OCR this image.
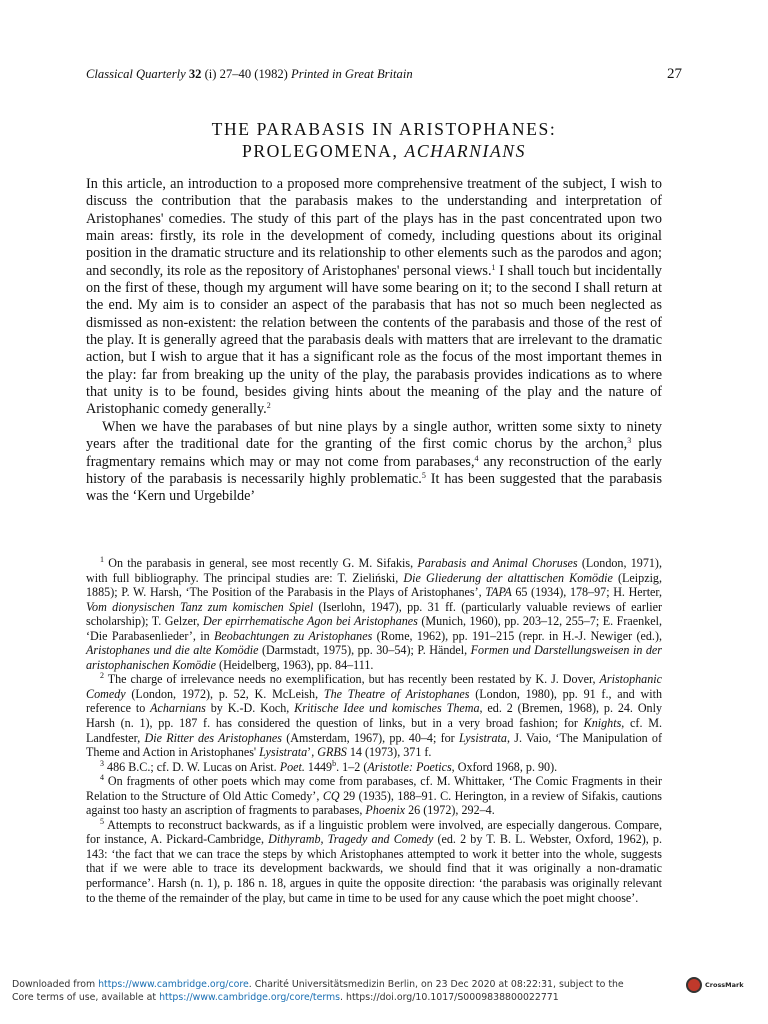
Classical Quarterly 32 (i) 27–40 (1982) Printed in Great Britain	27
THE PARABASIS IN ARISTOPHANES:
PROLEGOMENA, ACHARNIANS

In this article, an introduction to a proposed more comprehensive treatment of the subject, I wish to discuss the contribution that the parabasis makes to the understanding and interpretation of Aristophanes' comedies. The study of this part of the plays has in the past concentrated upon two main areas: firstly, its role in the development of comedy, including questions about its original position in the dramatic structure and its relationship to other elements such as the parodos and agon; and secondly, its role as the repository of Aristophanes' personal views.$^1$ I shall touch but incidentally on the first of these, though my argument will have some bearing on it; to the second I shall return at the end. My aim is to consider an aspect of the parabasis that has not so much been neglected as dismissed as non-existent: the relation between the contents of the parabasis and those of the rest of the play. It is generally agreed that the parabasis deals with matters that are irrelevant to the dramatic action, but I wish to argue that it has a significant role as the focus of the most important themes in the play: far from breaking up the unity of the play, the parabasis provides indications as to where that unity is to be found, besides giving hints about the meaning of the play and the nature of Aristophanic comedy generally.$^2$

When we have the parabases of but nine plays by a single author, written some sixty to ninety years after the traditional date for the granting of the first comic chorus by the archon,$^3$ plus fragmentary remains which may or may not come from parabases,$^4$ any reconstruction of the early history of the parabasis is necessarily highly problematic.$^5$ It has been suggested that the parabasis was the ‘Kern und Urgebilde’

$^1$ On the parabasis in general, see most recently G. M. Sifakis, Parabasis and Animal Choruses (London, 1971), with full bibliography. The principal studies are: T. Zieliński, Die Gliederung der altattischen Komödie (Leipzig, 1885); P. W. Harsh, ‘The Position of the Parabasis in the Plays of Aristophanes’, TAPA 65 (1934), 178–97; H. Herter, Vom dionysischen Tanz zum komischen Spiel (Iserlohn, 1947), pp. 31 ff. (particularly valuable reviews of earlier scholarship); T. Gelzer, Der epirrhematische Agon bei Aristophanes (Munich, 1960), pp. 203–12, 255–7; E. Fraenkel, ‘Die Parabasenlieder’, in Beobachtungen zu Aristophanes (Rome, 1962), pp. 191–215 (repr. in H.-J. Newiger (ed.), Aristophanes und die alte Komödie (Darmstadt, 1975), pp. 30–54); P. Händel, Formen und Darstellungsweisen in der aristophanischen Komödie (Heidelberg, 1963), pp. 84–111.

$^2$ The charge of irrelevance needs no exemplification, but has recently been restated by K. J. Dover, Aristophanic Comedy (London, 1972), p. 52, K. McLeish, The Theatre of Aristophanes (London, 1980), pp. 91 f., and with reference to Acharnians by K.-D. Koch, Kritische Idee und komisches Thema, ed. 2 (Bremen, 1968), p. 24. Only Harsh (n. 1), pp. 187 f. has considered the question of links, but in a very broad fashion; for Knights, cf. M. Landfester, Die Ritter des Aristophanes (Amsterdam, 1967), pp. 40–4; for Lysistrata, J. Vaio, ‘The Manipulation of Theme and Action in Aristophanes' Lysistrata’, GRBS 14 (1973), 371 f.

$^3$ 486 B.C.; cf. D. W. Lucas on Arist. Poet. 1449$^b$. 1–2 (Aristotle: Poetics, Oxford 1968, p. 90).

$^4$ On fragments of other poets which may come from parabases, cf. M. Whittaker, ‘The Comic Fragments in their Relation to the Structure of Old Attic Comedy’, CQ 29 (1935), 188–91. C. Herington, in a review of Sifakis, cautions against too hasty an ascription of fragments to parabases, Phoenix 26 (1972), 292–4.

$^5$ Attempts to reconstruct backwards, as if a linguistic problem were involved, are especially dangerous. Compare, for instance, A. Pickard-Cambridge, Dithyramb, Tragedy and Comedy (ed. 2 by T. B. L. Webster, Oxford, 1962), p. 143: ‘the fact that we can trace the steps by which Aristophanes attempted to work it better into the whole, suggests that if we were able to trace its development backwards, we should find that it was originally a non-dramatic performance’. Harsh (n. 1), p. 186 n. 18, argues in quite the opposite direction: ‘the parabasis was originally relevant to the theme of the remainder of the play, but came in time to be used for any cause which the poet might choose’.

Downloaded from https://www.cambridge.org/core. Charité Universitätsmedizin Berlin, on 23 Dec 2020 at 08:22:31, subject to the
Core terms of use, available at https://www.cambridge.org/core/terms. https://doi.org/10.1017/S0009838800022771
CrossMark
